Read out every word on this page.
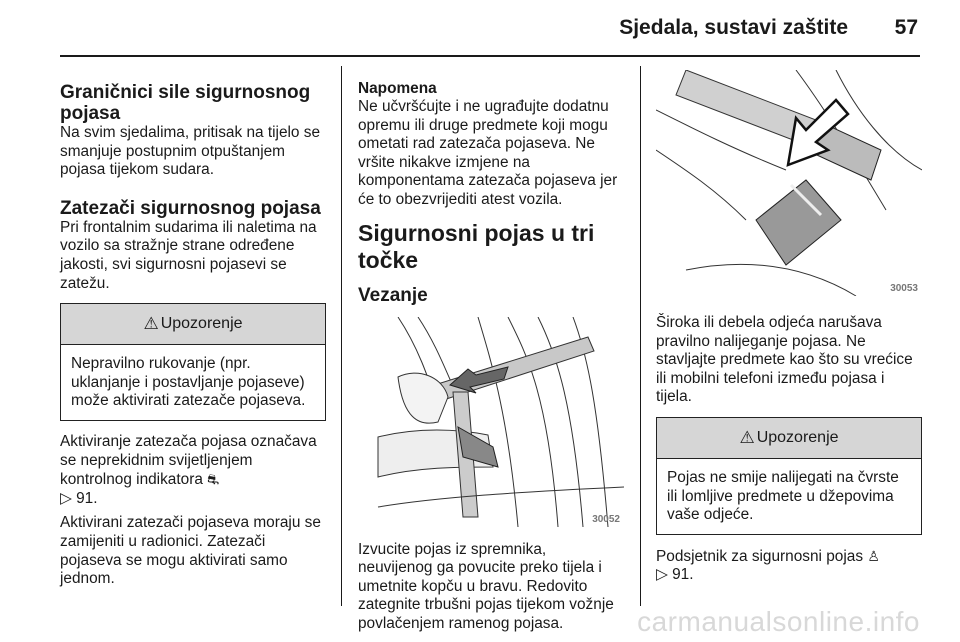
Sjedala, sustavi zaštite 57
Graničnici sile sigurnosnog pojasa

Na svim sjedalima, pritisak na tijelo se smanjuje postupnim otpuštanjem pojasa tijekom sudara.

Zatezači sigurnosnog pojasa

Pri frontalnim sudarima ili naletima na vozilo sa stražnje strane određene jakosti, svi sigurnosni pojasevi se zatežu.

⚠ Upozorenje
Nepravilno rukovanje (npr. uklanjanje i postavljanje pojaseve) može aktivirati zatezače pojaseva.

Aktiviranje zatezača pojasa označava se neprekidnim svijetljenjem kontrolnog indikatora ⛐
▷ 91.

Aktivirani zatezači pojaseva moraju se zamijeniti u radionici. Zatezači pojaseva se mogu aktivirati samo jednom.

Napomena

Ne učvršćujte i ne ugrađujte dodatnu opremu ili druge predmete koji mogu ometati rad zatezača pojaseva. Ne vršite nikakve izmjene na komponentama zatezača pojaseva jer će to obezvrijediti atest vozila.

Sigurnosni pojas u tri točke
Vezanje
30052

Izvucite pojas iz spremnika, neuvijenog ga povucite preko tijela i umetnite kopču u bravu. Redovito zategnite trbušni pojas tijekom vožnje povlačenjem ramenog pojasa.

30053

Široka ili debela odjeća narušava pravilno nalijeganje pojasa. Ne stavljajte predmete kao što su vrećice ili mobilni telefoni između pojasa i tijela.

⚠ Upozorenje
Pojas ne smije nalijegati na čvrste ili lomljive predmete u džepovima vaše odjeće.

Podsjetnik za sigurnosni pojas ♙
▷ 91.

carmanualsonline.info
